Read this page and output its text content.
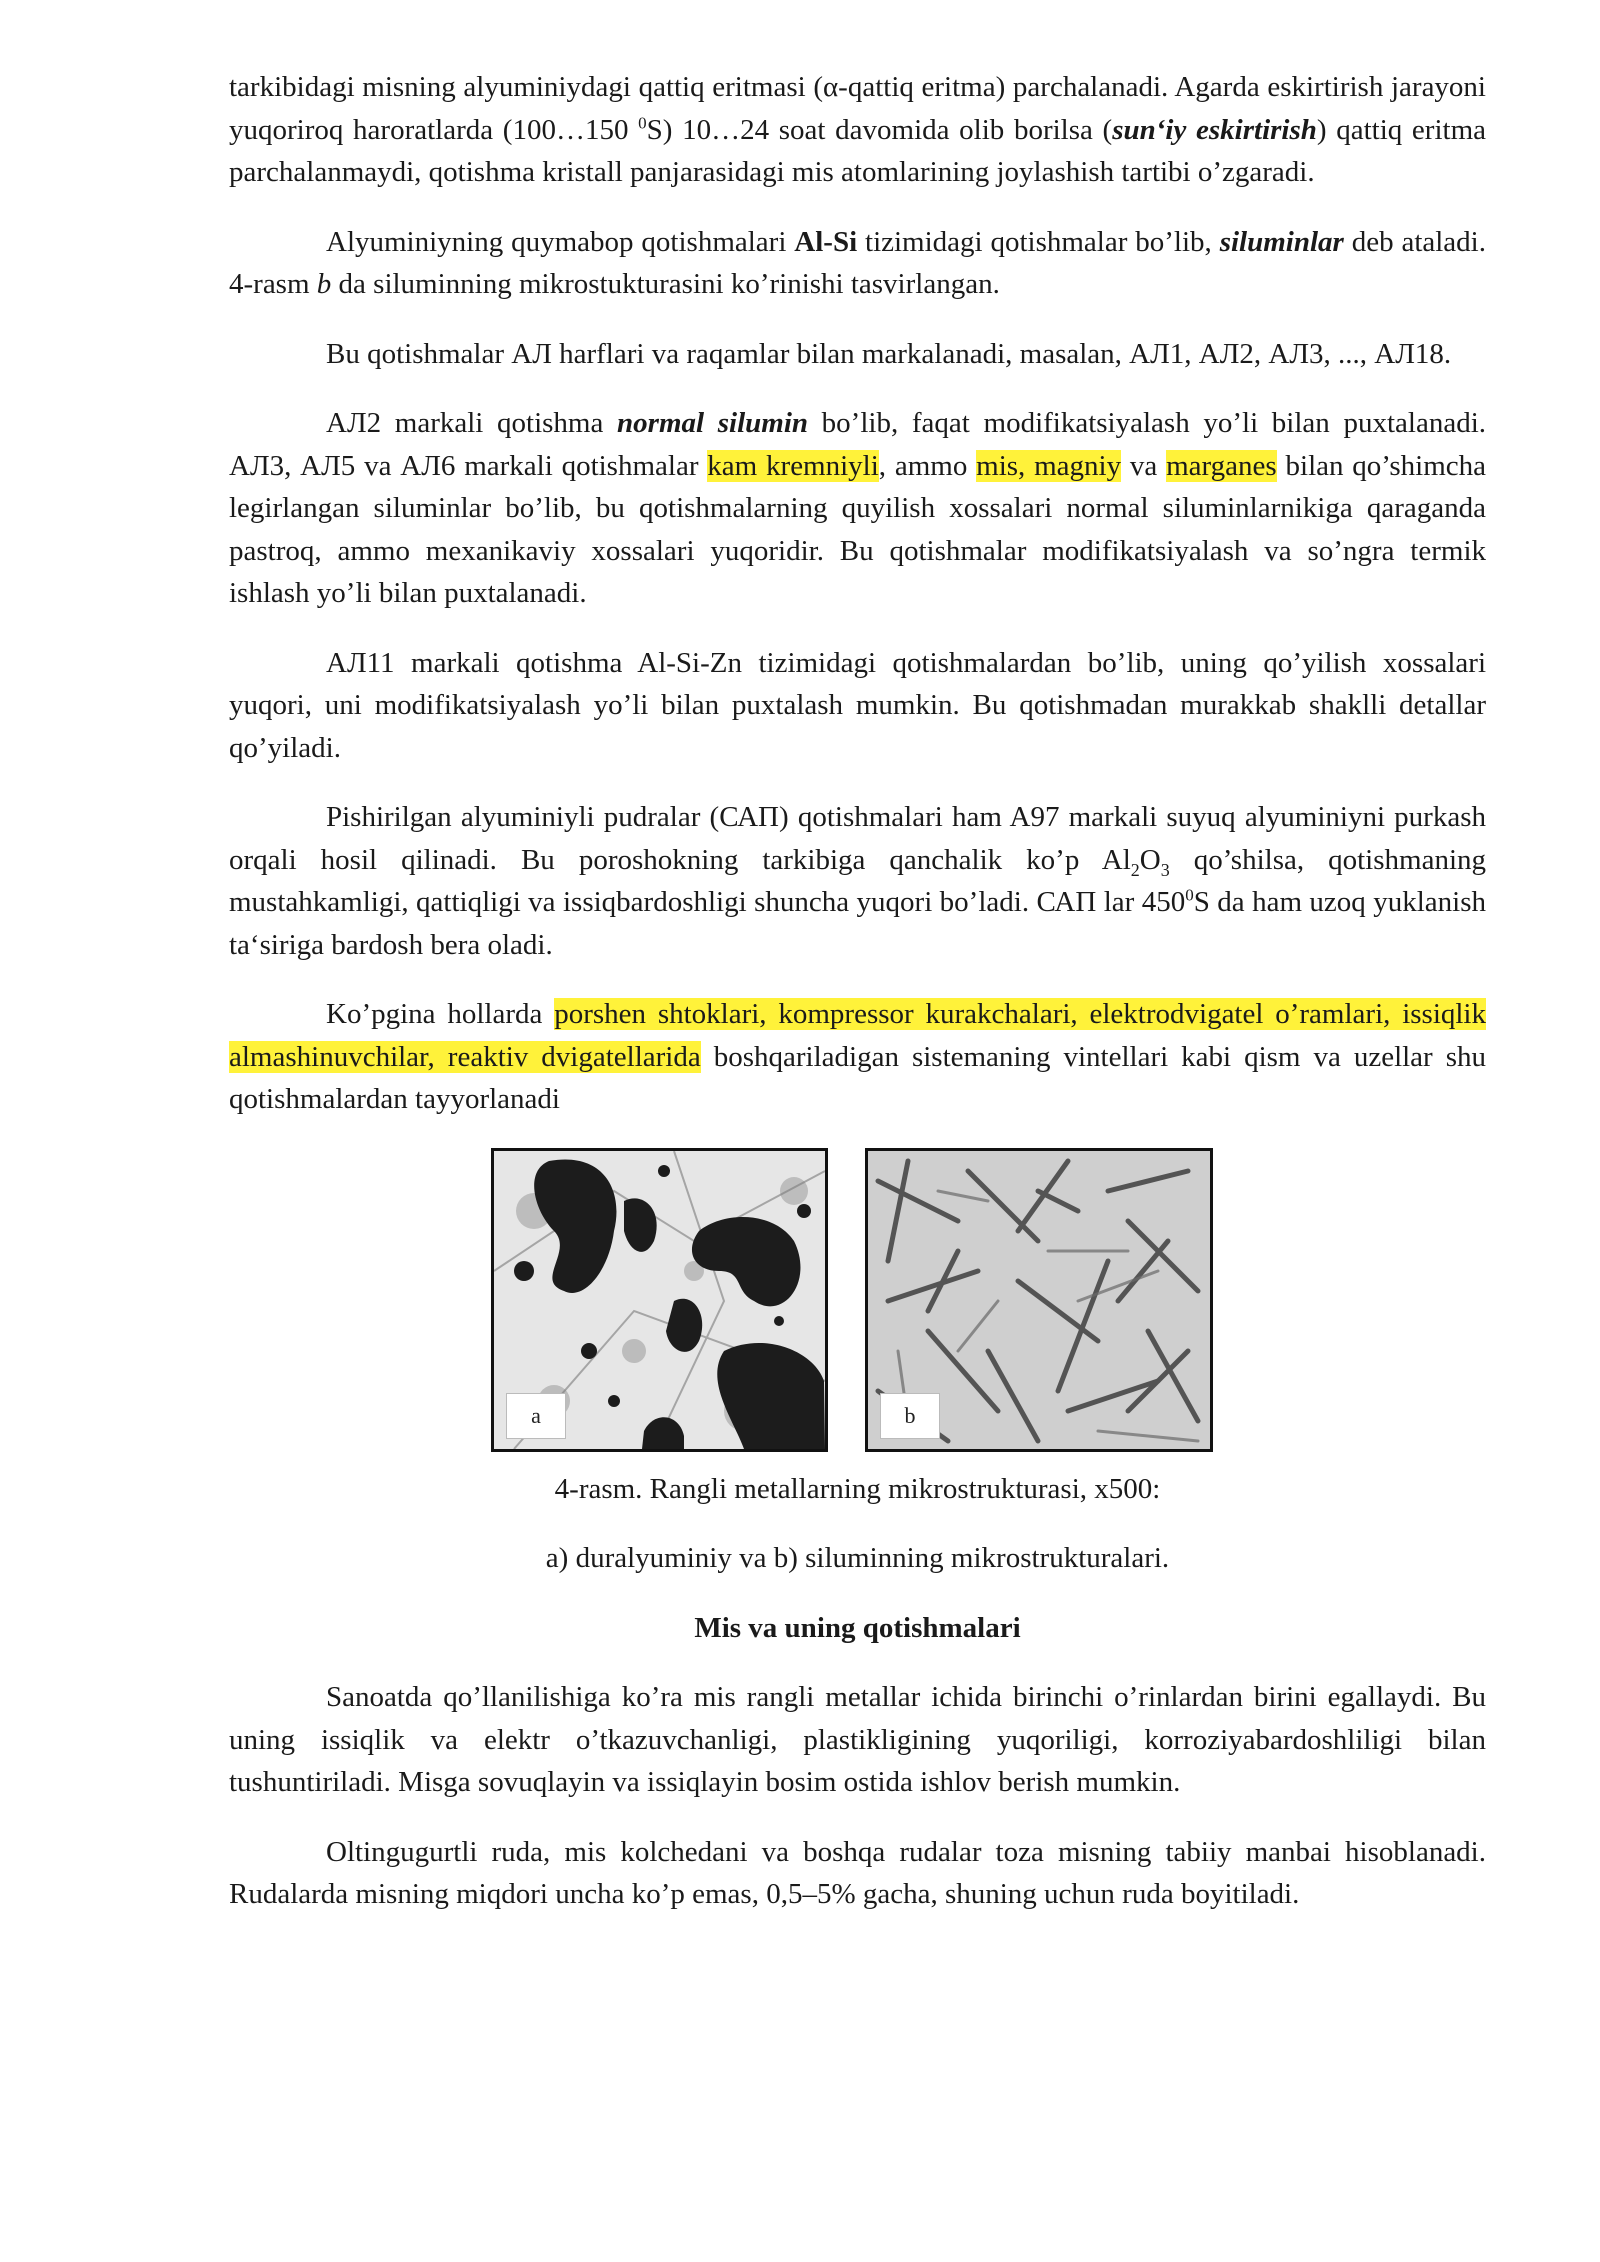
tarkibidagi misning alyuminiydagi qattiq eritmasi (α-qattiq eritma) parchalanadi. Agarda eskirtirish jarayoni yuqoriroq haroratlarda (100…150 $^0$S) 10…24 soat davomida olib borilsa (sun‘iy eskirtirish) qattiq eritma parchalanmaydi, qotishma kristall panjarasidagi mis atomlarining joylashish tartibi o’zgaradi.

Alyuminiyning quymabop qotishmalari Al-Si tizimidagi qotishmalar bo’lib, siluminlar deb ataladi. 4-rasm b da siluminning mikrostukturasini ko’rinishi tasvirlangan.

Bu qotishmalar АЛ harflari va raqamlar bilan markalanadi, masalan, АЛ1, АЛ2, АЛ3, ..., АЛ18.

АЛ2 markali qotishma normal silumin bo’lib, faqat modifikatsiyalash yo’li bilan puxtalanadi. АЛ3, АЛ5 va АЛ6 markali qotishmalar kam kremniyli, ammo mis, magniy va marganes bilan qo’shimcha legirlangan siluminlar bo’lib, bu qotishmalarning quyilish xossalari normal siluminlarnikiga qaraganda pastroq, ammo mexanikaviy xossalari yuqoridir. Bu qotishmalar modifikatsiyalash va so’ngra termik ishlash yo’li bilan puxtalanadi.

АЛ11 markali qotishma Al-Si-Zn tizimidagi qotishmalardan bo’lib, uning qo’yilish xossalari yuqori, uni modifikatsiyalash yo’li bilan puxtalash mumkin. Bu qotishmadan murakkab shaklli detallar qo’yiladi.

Pishirilgan alyuminiyli pudralar (САП) qotishmalari ham A97 markali suyuq alyuminiyni purkash orqali hosil qilinadi. Bu poroshokning tarkibiga qanchalik ko’p $Al_2O_3$ qo’shilsa, qotishmaning mustahkamligi, qattiqligi va issiqbardoshligi shuncha yuqori bo’ladi. САП lar $450^0S$ da ham uzoq yuklanish ta‘siriga bardosh bera oladi.

Ko’pgina hollarda porshen shtoklari, kompressor kurakchalari, elektrodvigatel o’ramlari, issiqlik almashinuvchilar, reaktiv dvigatellarida boshqariladigan sistemaning vintellari kabi qism va uzellar shu qotishmalardan tayyorlanadi

a	b

4-rasm. Rangli metallarning mikrostrukturasi, x500:

a) duralyuminiy va b) siluminning mikrostrukturalari.

Mis va uning qotishmalari

Sanoatda qo’llanilishiga ko’ra mis rangli metallar ichida birinchi o’rinlardan birini egallaydi. Bu uning issiqlik va elektr o’tkazuvchanligi, plastikligining yuqoriligi, korroziyabardoshliligi bilan tushuntiriladi. Misga sovuqlayin va issiqlayin bosim ostida ishlov berish mumkin.

Oltingugurtli ruda, mis kolchedani va boshqa rudalar toza misning tabiiy manbai hisoblanadi. Rudalarda misning miqdori uncha ko’p emas, 0,5–5% gacha, shuning uchun ruda boyitiladi.
